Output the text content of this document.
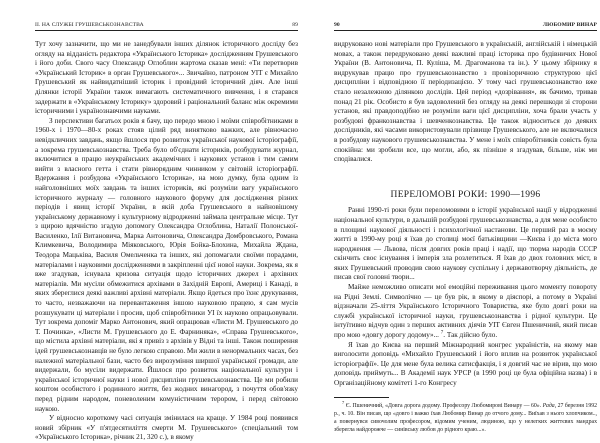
ІІ. НА СЛУЖБІ ГРУШЕВСЬКОЗНАВСТВА	89

Тут хочу зазначити, що ми не занедбували інших ділянок історичного досліду без огляду на відданість редактора «Українського Історика» дослідженням Грушевського і його доби. Свого часу Олександр Оглоблин жартома сказав мені: «Ти перетворив «Український Історик» в орган Грушевського»... Звичайно, патроном УІТ є Михайло Грушевський як найвидатніший історик і провідний історичний діяч. Але інші ділянки історії України також вимагають систематичного вивчення, і я старався задержати в «Українському Історику» здоровий і раціональний баланс між окремими історичними і українознавчими науками.

З перспективи багатьох років я бачу, що передо мною і моїми співробітниками в 1960-х і 1970—80-х роках стояв цілий ряд винятково важких, але рівночасно невідкличних завдань, якщо йшлося про розвиток української наукової історіографії, а зокрема грушевськознавства. Треба було об'єднати істориків, розбудувати журнал, включитися в працю неукраїнських академічних і наукових установ і тим самим вийти з власного гетта і стати рівнорядним чинником у світовій історіографії. Вдержання і розбудова «Українського Історика», на мою думку, була одним із найголовніших моїх завдань та інших істориків, які розуміли вагу українського історичного журналу — головного наукового форуму для дослідження різних періодів і явищ історії України, в якій доба Грушевського в найновішому українському державному і культурному відродженні займала центральне місце. Тут з щирою вдячністю згадую допомогу Олександра Оглоблина, Наталії Полонської-Василенко, Ілії Витановича, Марка Антоновича, Олександра Домбровського, Романа Климкевича, Володимира Міяковського, Юрія Бойка-Блохина, Михайла Ждана, Теодора Мацьківа, Василя Омельченка та інших, які допомагали своїми порадами, матеріалами і науковими дослідженнями в закріпленні цієї нової науки. Зокрема, як я вже згадував, існувала кризова ситуація щодо історичних джерел і архівних матеріалів. Ми мусіли обмежитися архівами в Західній Европі, Америці і Канаді, в яких збереглися деякі важливі архівні матеріали. Якщо йдеться про їхнє друкування, то часто, незважаючи на перевантаження іншою науковою працею, я сам мусів розшукувати ці матеріали і просив, щоб співробітники УІ їх науково опрацьовували. Тут зокрема допоміг Марко Антонович, який опрацював «Листи М. Грушевського до Т. Починка», «Листи М. Грушевського до Е. Фарниняка», «Справа Грушевського», що містила архівні матеріали, які я привіз з архівів у Відні та інші. Також поширення ідей грушевськознавців не було легкою справою. Ми жили в ненормальних часах, без належної матеріальної бази, часто без вирозуміння ширшої української громади, але видержали, бо мусіли видержати. Йшлося про розвиток національної культури і української історичної науки і нової дисципліни грушевськознавства. Це ми робили коштом особистого і родинного життя, без жодних винагород, з почуття обов'язку перед рідним народом, поневоленим комуністичним терором, і перед світовою наукою.

У відносно короткому часі ситуація змінилася на краще. У 1984 році появився новий збірник «У п'ятдесятиліття смерти М. Грушевського» (спеціальний том «Українського Історика», річник 21, 320 с.), в якому

90	ЛЮБОМИР ВИНАР

видруковано нові матеріали про Грушевського в українській, англійській і німецькій мовах, а також передруковано деякі важливі праці історика про будівничих Нової України (В. Антоновича, П. Куліша, М. Драгоманова та ін.). У цьому збірнику я видрукував працю про грушевськознавство з провізоричною структурою цієї дисципліни і відповідною її періодизацією. У тому часі грушевськознавство вже стало незалежною ділянкою дослідів. Цей період «дозрівання», як бачимо, тривав понад 21 рік. Особисто я був задоволений без огляду на деякі перешкоди зі сторони установ, які правдоподібно не розуміли ваги цієї дисципліни, хоча брали участь у розбудові франкознавства і шевченкознавства. Це також відноситься до деяких дослідників, які часами використовували прізвище Грушевського, але не включалися в розбудову наукового грушевськознавства. У мене і моїх співробітників совість була спокійна: ми зробили все, що могли, або, як пізніше я згадував, більше, ніж ми сподівалися.

ПЕРЕЛОМОВІ РОКИ: 1990—1996

Ранні 1990-ті роки були переломовими в історії української нації у відродженні національної культури, в дальшій розбудові грушевськознавства, а для мене особисто в площині наукової діяльності і психологічної настанови. Це перший раз в моєму житті в 1990-му році я їхав до столиці моєї батьківщини —Києва і до міста мого народження — Львова, після довгих років праці і надії, що тюрма народів СССР скінчить своє існування і імперія зла розлетиться. Я їхав до двох головних міст, в яких Грушевський проводив свою наукову суспільну і державотворчу діяльність, де писав свої головні твори...

Майже неможливо описати мої емоційні переживання цього моменту повороту на Рідні Землі. Символічно — це був рік, в якому в діяспорі, а потому в Україні відзначали 25-ліття Українського Історичного Товариства, яке було довгі роки на службі української історичної науки, грушевськознавства і рідної культури. Це інтуїтивно відчув один з перших активних діячів УІТ Євген Пшеничний, який писав про мою «довгу дорогу додому»... $^7$. Так дійсно було.

Я їхав до Києва на перший Міжнародний конгрес україністів, на якому мав виголосити доповідь «Михайло Грушевський і його вплив на розвиток української історіографії». Це для мене була велика сатисфакція, і я довгий час не вірив, що мою доповідь приймуть... В Академії наук УРСР (в 1990 році це була офіційна назва) і в Організаційному комітеті 1-го Конгресу

$^7$ Є. Пшеничний, «Довга дорога додому. Професору Любомирові Винару — 60». Рада, 27 березня 1992 р., ч. 10. Він писав, що «довго і важко їхав Любомир Винар до отчого дому... Виїхав з нього хлопчиком.., а повернувся сивочолим професором, відомим ученим, людиною, що у нелегких життєвих мандрах зберегла найдорожче — синівську любов до рідного краю...».
